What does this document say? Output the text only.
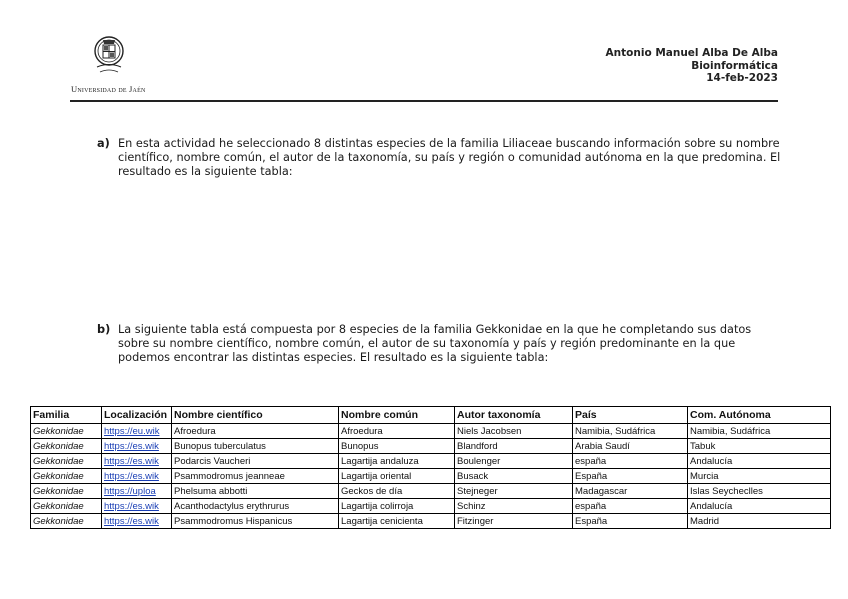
Universidad de Jaén
Antonio Manuel Alba De Alba
Bioinformática
14-feb-2023
a) En esta actividad he seleccionado 8 distintas especies de la familia Liliaceae buscando información sobre su nombre científico, nombre común, el autor de la taxonomía, su país y región o comunidad autónoma en la que predomina. El resultado es la siguiente tabla:
b) La siguiente tabla está compuesta por 8 especies de la familia Gekkonidae en la que he completando sus datos sobre su nombre científico, nombre común, el autor de su taxonomía y país y región predominante en la que podemos encontrar las distintas especies. El resultado es la siguiente tabla:
Familia	Localización	Nombre científico	Nombre común	Autor taxonomía	País	Com. Autónoma
Gekkonidae	https://eu.wik	Afroedura	Afroedura	Niels Jacobsen	Namibia, Sudáfrica	Namibia, Sudáfrica
Gekkonidae	https://es.wik	Bunopus tuberculatus	Bunopus	Blandford	Arabia Saudí	Tabuk
Gekkonidae	https://es.wik	Podarcis Vaucheri	Lagartija andaluza	Boulenger	españa	Andalucía
Gekkonidae	https://es.wik	Psammodromus jeanneae	Lagartija oriental	Busack	España	Murcia
Gekkonidae	https://uploa	Phelsuma abbotti	Geckos de día	Stejneger	Madagascar	Islas Seycheclles
Gekkonidae	https://es.wik	Acanthodactylus erythrurus	Lagartija colirroja	Schinz	españa	Andalucía
Gekkonidae	https://es.wik	Psammodromus Hispanicus	Lagartija cenicienta	Fitzinger	España	Madrid
